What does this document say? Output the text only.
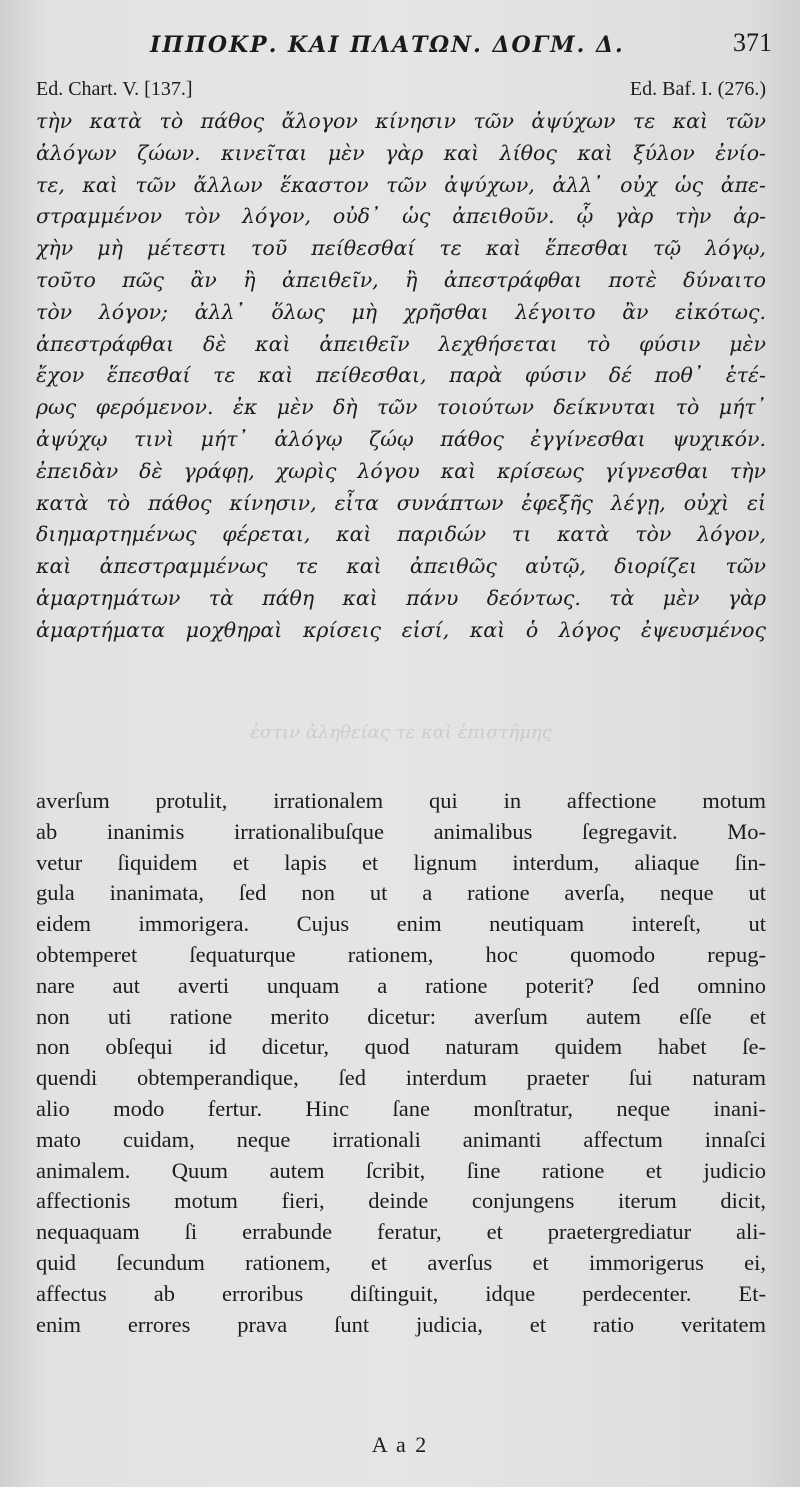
ΙΠΠΟΚΡ. ΚΑΙ ΠΛΑΤΩΝ. ΔΟΓΜ. Δ.	371
Ed. Chart. V. [137.]	Ed. Baf. I. (276.)
τὴν κατὰ τὸ πάθος ἄλογον κίνησιν τῶν ἀψύχων τε καὶ τῶν
ἀλόγων ζώων. κινεῖται μὲν γὰρ καὶ λίθος καὶ ξύλον ἐνίο-
τε, καὶ τῶν ἄλλων ἕκαστον τῶν ἀψύχων, ἀλλ᾽ οὐχ ὡς ἀπε-
στραμμένον τὸν λόγον, οὐδ᾽ ὡς ἀπειθοῦν. ᾧ γὰρ τὴν ἀρ-
χὴν μὴ μέτεστι τοῦ πείθεσθαί τε καὶ ἕπεσθαι τῷ λόγῳ,
τοῦτο πῶς ἂν ἢ ἀπειθεῖν, ἢ ἀπεστράφθαι ποτὲ δύναιτο
τὸν λόγον; ἀλλ᾽ ὅλως μὴ χρῆσθαι λέγοιτο ἂν εἰκότως.
ἀπεστράφθαι δὲ καὶ ἀπειθεῖν λεχθήσεται τὸ φύσιν μὲν
ἔχον ἕπεσθαί τε καὶ πείθεσθαι, παρὰ φύσιν δέ ποθ᾽ ἑτέ-
ρως φερόμενον. ἐκ μὲν δὴ τῶν τοιούτων δείκνυται τὸ μήτ᾽
ἀψύχῳ τινὶ μήτ᾽ ἀλόγῳ ζώῳ πάθος ἐγγίνεσθαι ψυχικόν.
ἐπειδὰν δὲ γράφῃ, χωρὶς λόγου καὶ κρίσεως γίγνεσθαι τὴν
κατὰ τὸ πάθος κίνησιν, εἶτα συνάπτων ἐφεξῆς λέγῃ, οὐχὶ εἰ
διημαρτημένως φέρεται, καὶ παριδών τι κατὰ τὸν λόγον,
καὶ ἀπεστραμμένως τε καὶ ἀπειθῶς αὐτῷ, διορίζει τῶν
ἁμαρτημάτων τὰ πάθη καὶ πάνυ δεόντως. τὰ μὲν γὰρ
ἁμαρτήματα μοχθηραὶ κρίσεις εἰσί, καὶ ὁ λόγος ἐψευσμένος
ἐστιν ἀληθείας τε καὶ ἐπιστήμης
averſum protulit, irrationalem qui in affectione motum
ab inanimis irrationalibuſque animalibus ſegregavit. Mo-
vetur ſiquidem et lapis et lignum interdum, aliaque ſin-
gula inanimata, ſed non ut a ratione averſa, neque ut
eidem immorigera. Cujus enim neutiquam intereſt, ut
obtemperet ſequaturque rationem, hoc quomodo repug-
nare aut averti unquam a ratione poterit? ſed omnino
non uti ratione merito dicetur: averſum autem eſſe et
non obſequi id dicetur, quod naturam quidem habet ſe-
quendi obtemperandique, ſed interdum praeter ſui naturam
alio modo fertur. Hinc ſane monſtratur, neque inani-
mato cuidam, neque irrationali animanti affectum innaſci
animalem. Quum autem ſcribit, ſine ratione et judicio
affectionis motum fieri, deinde conjungens iterum dicit,
nequaquam ſi errabunde feratur, et praetergrediatur ali-
quid ſecundum rationem, et averſus et immorigerus ei,
affectus ab erroribus diſtinguit, idque perdecenter. Et-
enim errores prava ſunt judicia, et ratio veritatem
A a 2
